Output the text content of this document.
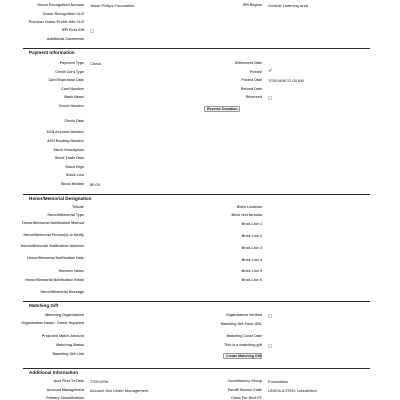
Donor Recognition formula Jesse Philips Foundation	IPR Region Outside Listening area
Donor Recognition CLO
Previous Donor Profile Info CLO
IPR First Gift
Additional Comments
Payment Information
Payment Type Check	Settlement Date
Credit Card Type	Posted ✓
Card Expiration Date	Posted Date 7/29/1998 12:00 AM
Card Number	Refund Date
Bank Name	Reversed
Check Number
Reverse Donation
Check Date
ACH Account Number
ACH Routing Number
Stock Description
Stock Trade Date
Stock High
Stock Low
Stock Median $0.00
Honor/Memorial Designation
Tribute	Brick Location
Honor/Memorial Type	Brick text formula
Honor/Memorial Notification Method	Brick Line 1
Honor/Memorial Person(s) to Notify	Brick Line 2
Honor/Memorial Notification Address	Brick Line 3
Honor/Memorial Notification Date	Brick Line 4
Honoree Name	Brick Line 5
Honor/Memorial Notification Email	Brick Line 6
Honor/Memorial Message
Matching Gift
Matching Organization	Organization Verified
Organization Name - Donor Supplied	Matching Gift Form URL
Projected Match Amount	Matching Close Date
Matching Status	This is a matching gift
Matching Gift Link
Create Matching Gift
Additional Information
Acct First Tx Date 7/29/1998	Constituency Group Foundation
Account Management Account Not Under Management	FundIt Source Code UNSOLICITED: Unsolicited
Primary Classification	Close For Next FY
